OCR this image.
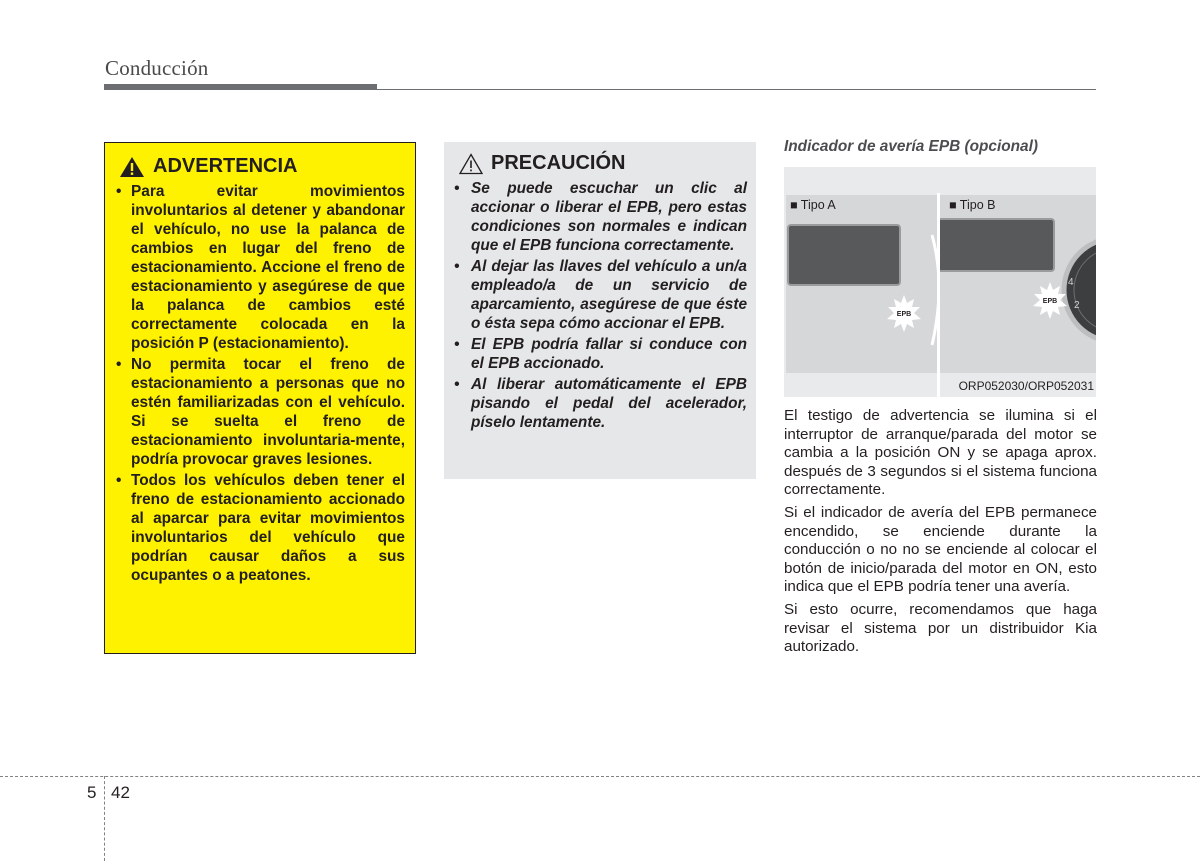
Conducción
ADVERTENCIA
• Para evitar movimientos involuntarios al detener y abandonar el vehículo, no use la palanca de cambios en lugar del freno de estacionamiento. Accione el freno de estacionamiento y asegúrese de que la palanca de cambios esté correctamente colocada en la posición P (estacionamiento).
• No permita tocar el freno de estacionamiento a personas que no estén familiarizadas con el vehículo. Si se suelta el freno de estacionamiento involuntaria-mente, podría provocar graves lesiones.
• Todos los vehículos deben tener el freno de estacionamiento accionado al aparcar para evitar movimientos involuntarios del vehículo que podrían causar daños a sus ocupantes o a peatones.
PRECAUCIÓN
• Se puede escuchar un clic al accionar o liberar el EPB, pero estas condiciones son normales e indican que el EPB funciona correctamente.
• Al dejar las llaves del vehículo a un/a empleado/a de un servicio de aparcamiento, asegúrese de que éste o ésta sepa cómo accionar el EPB.
• El EPB podría fallar si conduce con el EPB accionado.
• Al liberar automáticamente el EPB pisando el pedal del acelerador, píselo lentamente.
Indicador de avería EPB (opcional)
EPB
4
2
EPB
■ Tipo A	■ Tipo B
ORP052030/ORP052031

El testigo de advertencia se ilumina si el interruptor de arranque/parada del motor se cambia a la posición ON y se apaga aprox. después de 3 segundos si el sistema funciona correctamente.

Si el indicador de avería del EPB permanece encendido, se enciende durante la conducción o no no se enciende al colocar el botón de inicio/parada del motor en ON, esto indica que el EPB podría tener una avería.

Si esto ocurre, recomendamos que haga revisar el sistema por un distribuidor Kia autorizado.

5 42
